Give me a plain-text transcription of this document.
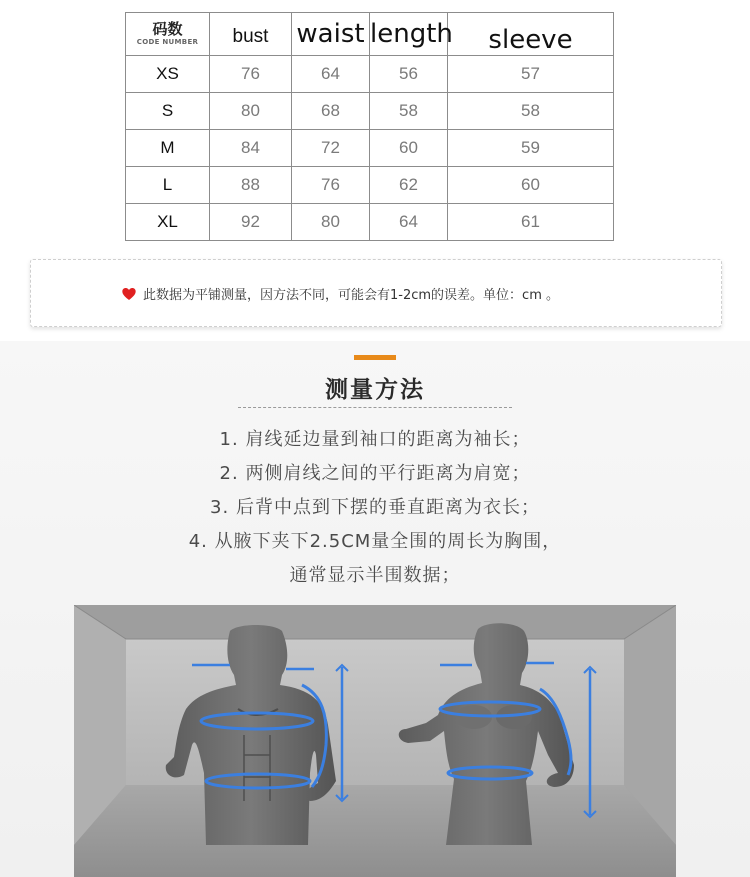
码数
CODE NUMBER	bust	waist	length	sleeve
XS	76	64	56	57
S	80	68	58	58
M	84	72	60	59
L	88	76	62	60
XL	92	80	64	61
此数据为平铺测量，因方法不同，可能会有1-2cm的误差。单位：cm 。
测量方法
1. 肩线延边量到袖口的距离为袖长；
2. 两侧肩线之间的平行距离为肩宽；
3. 后背中点到下摆的垂直距离为衣长；
4. 从腋下夹下2.5CM量全围的周长为胸围，
通常显示半围数据；
